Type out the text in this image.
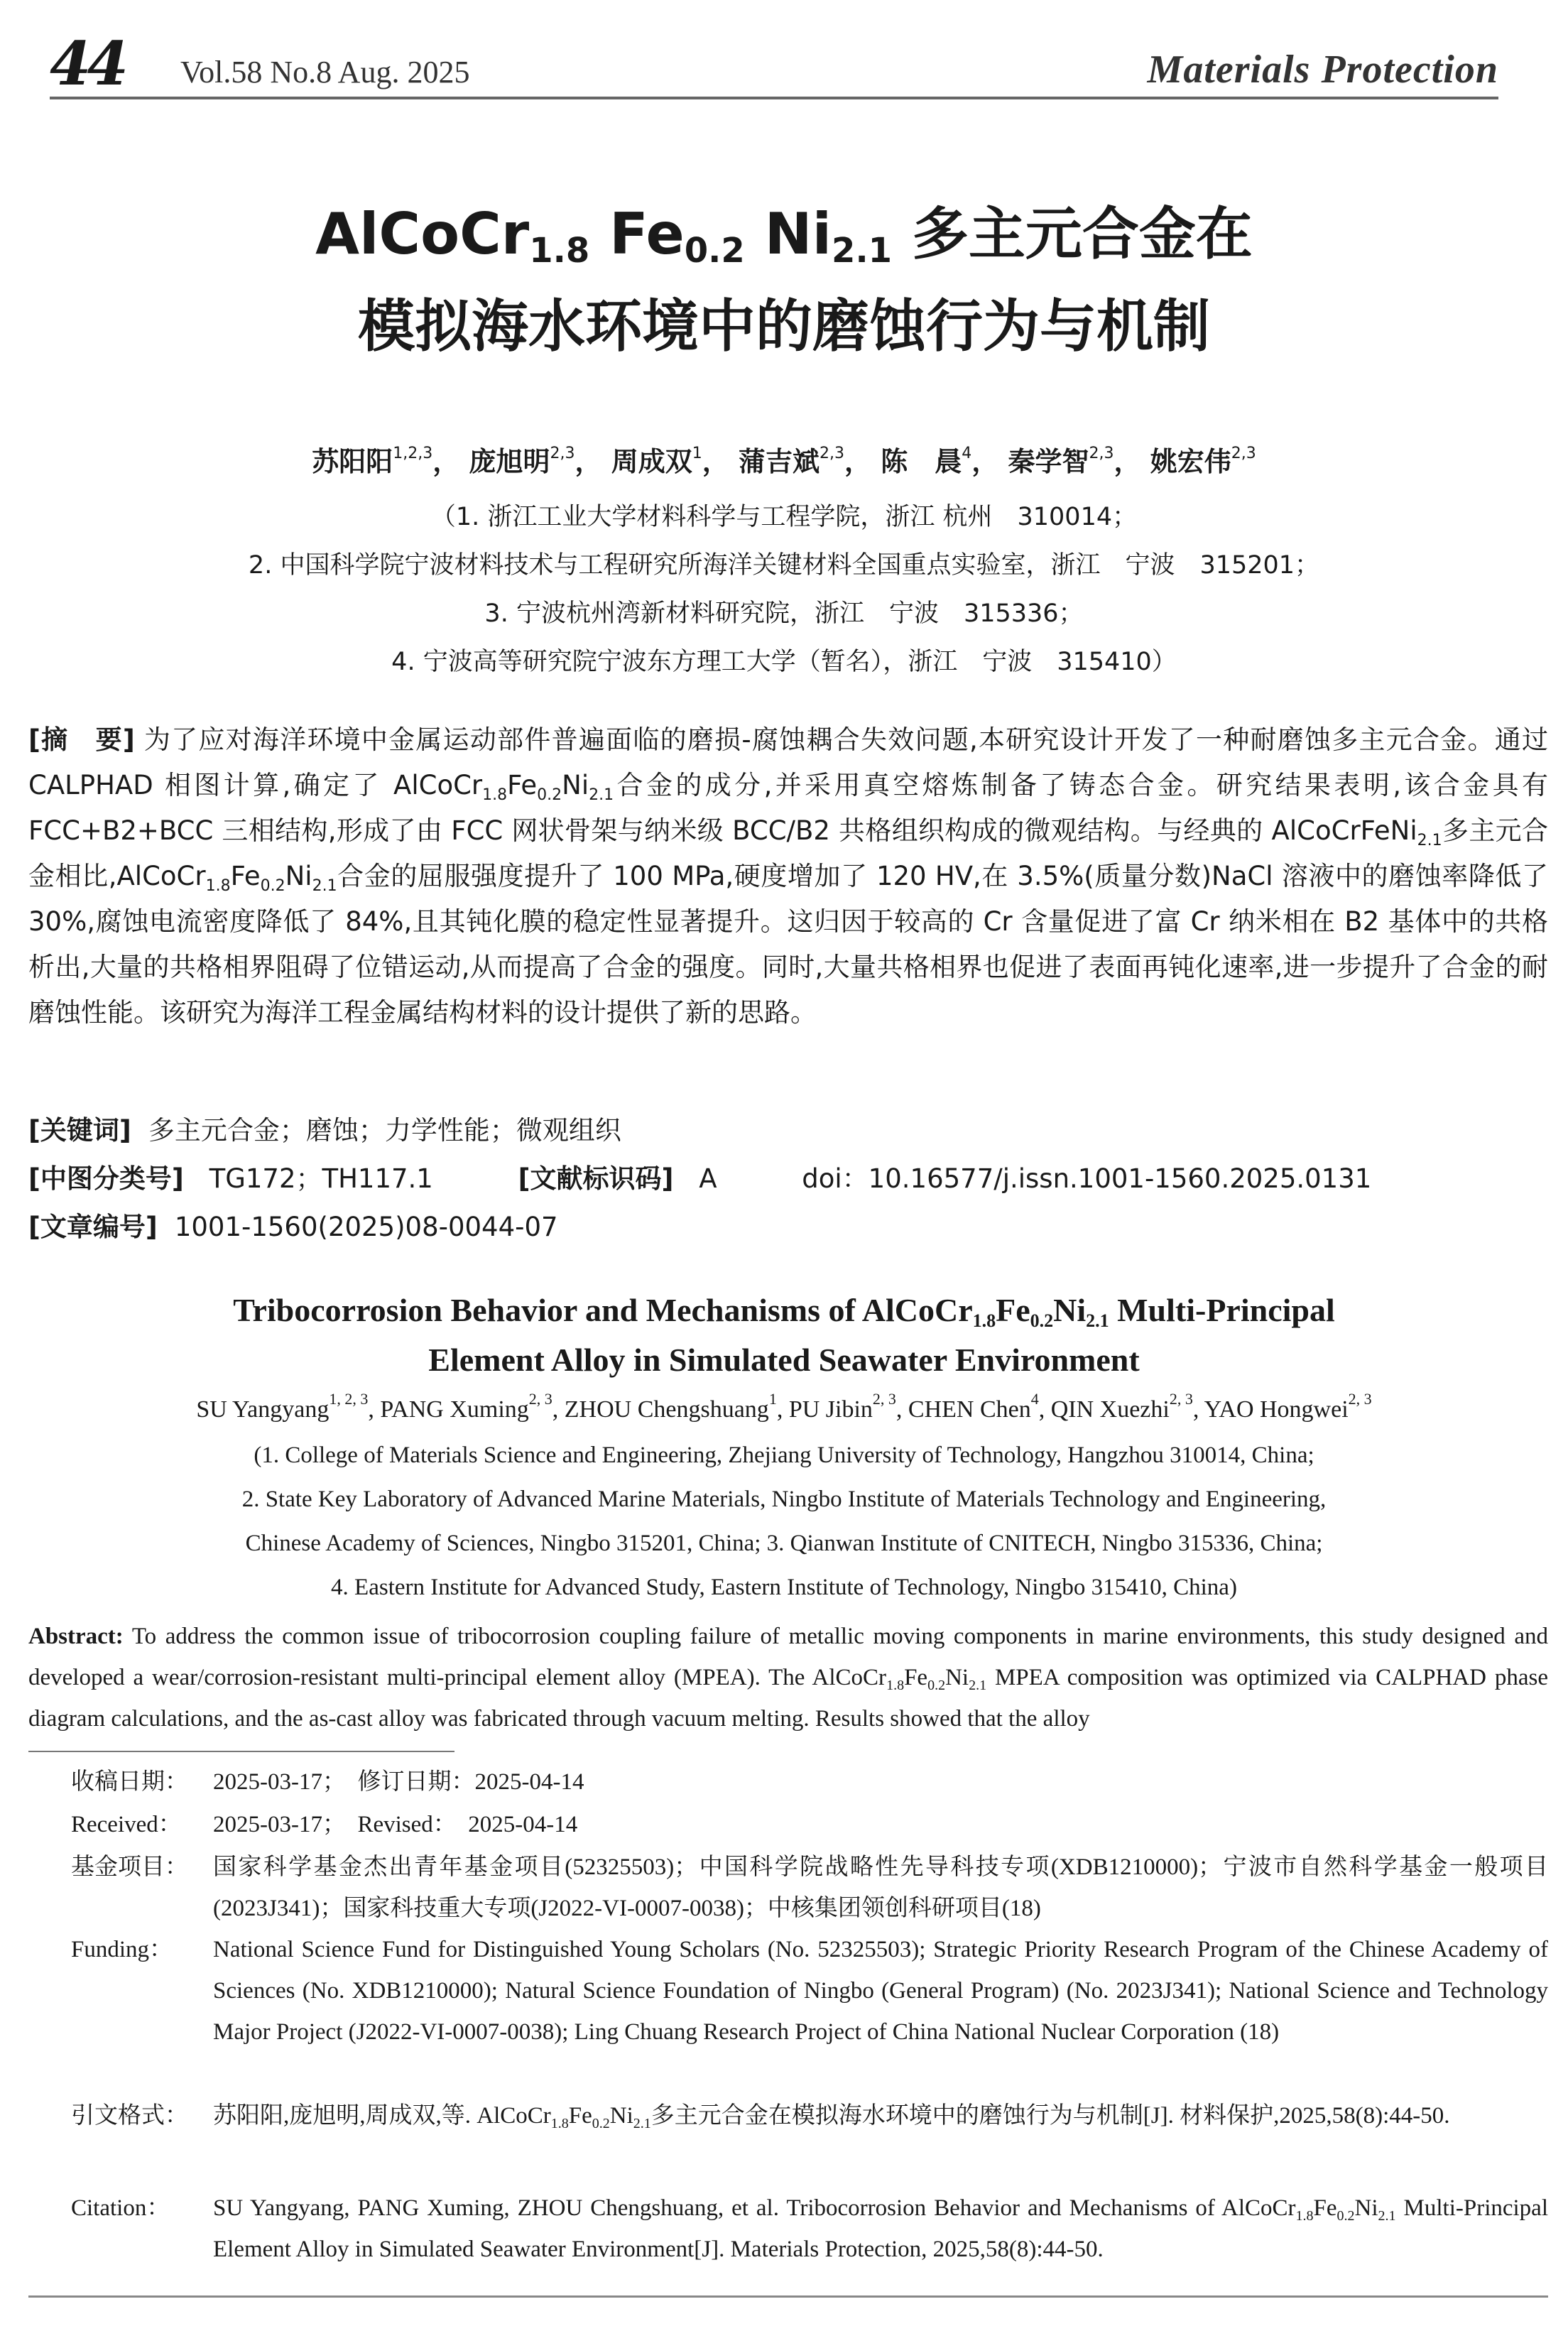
44 Vol.58 No.8 Aug. 2025	Materials Protection
AlCoCr$_{1.8}$ $Fe_{0.2}$ $Ni_{2.1}$ 多主元合金在
模拟海水环境中的磨蚀行为与机制
苏阳阳$^{1,2,3}$， 庞旭明$^{2,3}$， 周成双$^1$， 蒲吉斌$^{2,3}$， 陈　晨$^4$， 秦学智$^{2,3}$， 姚宏伟$^{2,3}$
（1. 浙江工业大学材料科学与工程学院，浙江 杭州　310014；
2. 中国科学院宁波材料技术与工程研究所海洋关键材料全国重点实验室，浙江　宁波　315201；
3. 宁波杭州湾新材料研究院，浙江　宁波　315336；
4. 宁波高等研究院宁波东方理工大学（暂名），浙江　宁波　315410）
[摘　要] 为了应对海洋环境中金属运动部件普遍面临的磨损-腐蚀耦合失效问题,本研究设计开发了一种耐磨蚀多主元合金。通过 CALPHAD 相图计算,确定了 $AlCoCr_{1.8}Fe_{0.2}Ni_{2.1}$合金的成分,并采用真空熔炼制备了铸态合金。研究结果表明,该合金具有 FCC+B2+BCC 三相结构,形成了由 FCC 网状骨架与纳米级 BCC/B2 共格组织构成的微观结构。与经典的 AlCoCrFeNi$_{2.1}$多主元合金相比$,AlCoCr_{1.8}Fe_{0.2}Ni_{2.1}$合金的屈服强度提升了 100 MPa,硬度增加了 120 HV,在 3.5%(质量分数)NaCl 溶液中的磨蚀率降低了 30%,腐蚀电流密度降低了 84%,且其钝化膜的稳定性显著提升。这归因于较高的 Cr 含量促进了富 Cr 纳米相在 B2 基体中的共格析出,大量的共格相界阻碍了位错运动,从而提高了合金的强度。同时,大量共格相界也促进了表面再钝化速率,进一步提升了合金的耐磨蚀性能。该研究为海洋工程金属结构材料的设计提供了新的思路。
[关键词] 多主元合金；磨蚀；力学性能；微观组织
[中图分类号] TG172；TH117.1	[文献标识码] A	doi：10.16577/j.issn.1001-1560.2025.0131
[文章编号] 1001-1560(2025)08-0044-07
Tribocorrosion Behavior and Mechanisms of $AlCoCr_{1.8}Fe_{0.2}Ni_{2.1}$ Multi-Principal
Element Alloy in Simulated Seawater Environment
SU Yangyang$^{1, 2, 3}$, PANG Xuming$^{2, 3}$, ZHOU Chengshuang$^1$, PU Jibin$^{2, 3}$, CHEN Chen$^4$, QIN Xuezhi$^{2, 3}$, YAO Hongwei$^{2, 3}$
(1. College of Materials Science and Engineering, Zhejiang University of Technology, Hangzhou 310014, China;
2. State Key Laboratory of Advanced Marine Materials, Ningbo Institute of Materials Technology and Engineering,
Chinese Academy of Sciences, Ningbo 315201, China; 3. Qianwan Institute of CNITECH, Ningbo 315336, China;
4. Eastern Institute for Advanced Study, Eastern Institute of Technology, Ningbo 315410, China)
Abstract: To address the common issue of tribocorrosion coupling failure of metallic moving components in marine environments, this study designed and developed a wear/corrosion-resistant multi-principal element alloy (MPEA). The $AlCoCr_{1.8}Fe_{0.2}Ni_{2.1}$ MPEA composition was optimized via CALPHAD phase diagram calculations, and the as-cast alloy was fabricated through vacuum melting. Results showed that the alloy
收稿日期：	2025-03-17；　修订日期：2025-04-14
Received：	2025-03-17；　Revised：　2025-04-14
基金项目：	国家科学基金杰出青年基金项目(52325503)；中国科学院战略性先导科技专项(XDB1210000)；宁波市自然科学基金一般项目(2023J341)；国家科技重大专项(J2022-VI-0007-0038)；中核集团领创科研项目(18)
Funding：	National Science Fund for Distinguished Young Scholars (No. 52325503); Strategic Priority Research Program of the Chinese Academy of Sciences (No. XDB1210000); Natural Science Foundation of Ningbo (General Program) (No. 2023J341); National Science and Technology Major Project (J2022-VI-0007-0038); Ling Chuang Research Project of China National Nuclear Corporation (18)
引文格式：	苏阳阳,庞旭明,周成双,等. $AlCoCr_{1.8}Fe_{0.2}Ni_{2.1}$多主元合金在模拟海水环境中的磨蚀行为与机制[J]. 材料保护,2025,58(8):44-50.
Citation：	SU Yangyang, PANG Xuming, ZHOU Chengshuang, et al. Tribocorrosion Behavior and Mechanisms of $AlCoCr_{1.8}Fe_{0.2}Ni_{2.1}$ Multi-Principal Element Alloy in Simulated Seawater Environment[J]. Materials Protection, 2025,58(8):44-50.
